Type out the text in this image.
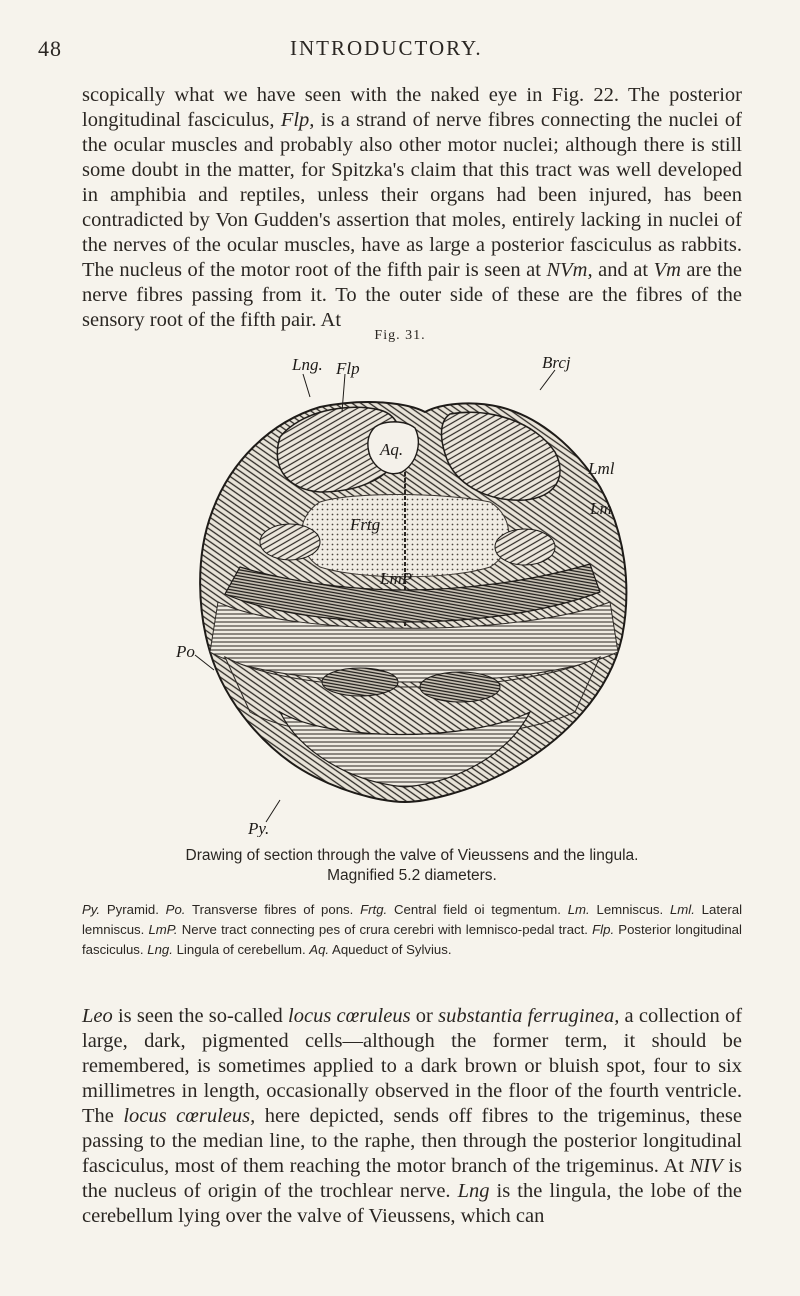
48	INTRODUCTORY.

scopically what we have seen with the naked eye in Fig. 22. The posterior longitudinal fasciculus, Flp, is a strand of nerve fibres connecting the nuclei of the ocular muscles and probably also other motor nuclei; although there is still some doubt in the matter, for Spitzka's claim that this tract was well developed in amphibia and reptiles, unless their organs had been injured, has been contradicted by Von Gudden's assertion that moles, entirely lacking in nuclei of the nerves of the ocular muscles, have as large a posterior fasciculus as rabbits. The nucleus of the motor root of the fifth pair is seen at NVm, and at Vm are the nerve fibres passing from it. To the outer side of these are the fibres of the sensory root of the fifth pair. At

Fig. 31.
Lng. Flp
Aq.
Brcj
Lml
Lm
Frtg
LmP
Po
Py.
Drawing of section through the valve of Vieussens and the lingula.
Magnified 5.2 diameters.
Py. Pyramid. Po. Transverse fibres of pons. Frtg. Central field oi tegmentum. Lm. Lemniscus. Lml. Lateral lemniscus. LmP. Nerve tract connecting pes of crura cerebri with lemnisco-pedal tract. Flp. Posterior longitudinal fasciculus. Lng. Lingula of cerebellum. Aq. Aqueduct of Sylvius.

Leo is seen the so-called locus cœruleus or substantia ferruginea, a collection of large, dark, pigmented cells—although the former term, it should be remembered, is sometimes applied to a dark brown or bluish spot, four to six millimetres in length, occasionally observed in the floor of the fourth ventricle. The locus cœruleus, here depicted, sends off fibres to the trigeminus, these passing to the median line, to the raphe, then through the posterior longitudinal fasciculus, most of them reaching the motor branch of the trigeminus. At NIV is the nucleus of origin of the trochlear nerve. Lng is the lingula, the lobe of the cerebellum lying over the valve of Vieussens, which can
